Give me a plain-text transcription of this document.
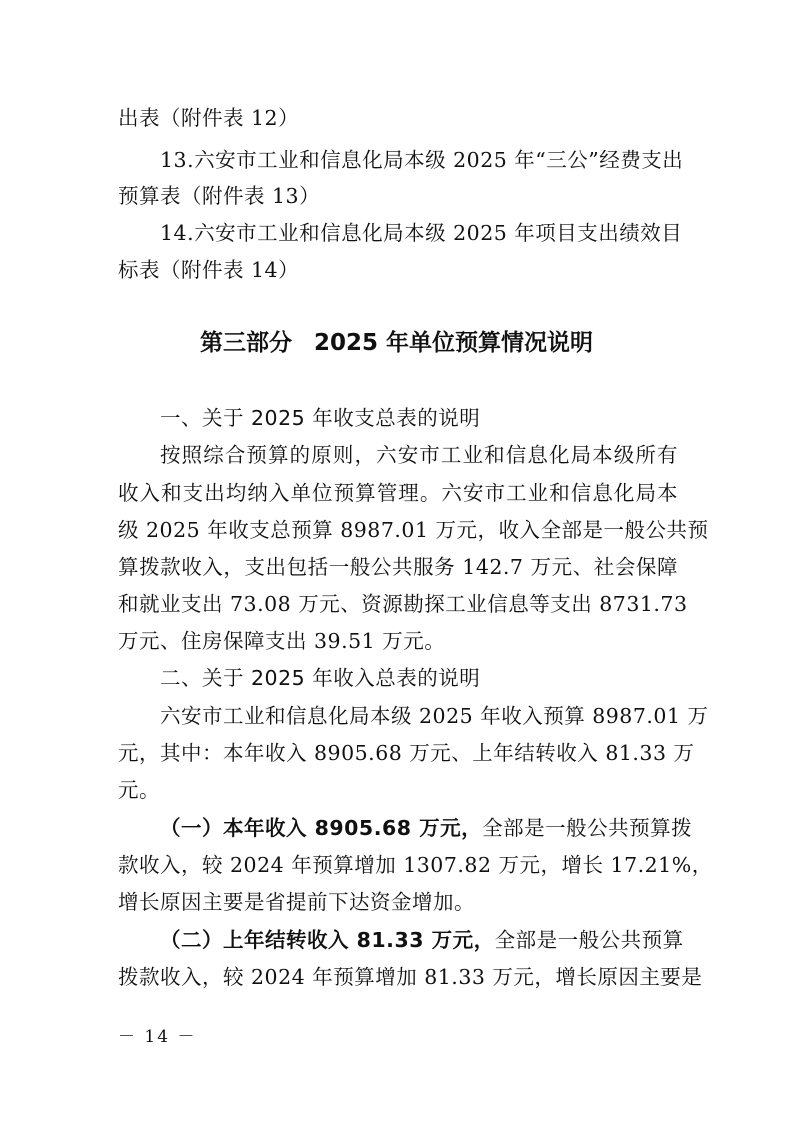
出表（附件表 12）
13.六安市工业和信息化局本级 2025 年“三公”经费支出
预算表（附件表 13）
14.六安市工业和信息化局本级 2025 年项目支出绩效目
标表（附件表 14）
第三部分 2025 年单位预算情况说明
一、关于 2025 年收支总表的说明
按照综合预算的原则，六安市工业和信息化局本级所有
收入和支出均纳入单位预算管理。六安市工业和信息化局本
级 2025 年收支总预算 8987.01 万元，收入全部是一般公共预
算拨款收入，支出包括一般公共服务 142.7 万元、社会保障
和就业支出 73.08 万元、资源勘探工业信息等支出 8731.73
万元、住房保障支出 39.51 万元。
二、关于 2025 年收入总表的说明
六安市工业和信息化局本级 2025 年收入预算 8987.01 万
元，其中：本年收入 8905.68 万元、上年结转收入 81.33 万
元。
（一）本年收入 8905.68 万元，全部是一般公共预算拨
款收入，较 2024 年预算增加 1307.82 万元，增长 17.21%，
增长原因主要是省提前下达资金增加。
（二）上年结转收入 81.33 万元，全部是一般公共预算
拨款收入，较 2024 年预算增加 81.33 万元，增长原因主要是
－ 14 －
